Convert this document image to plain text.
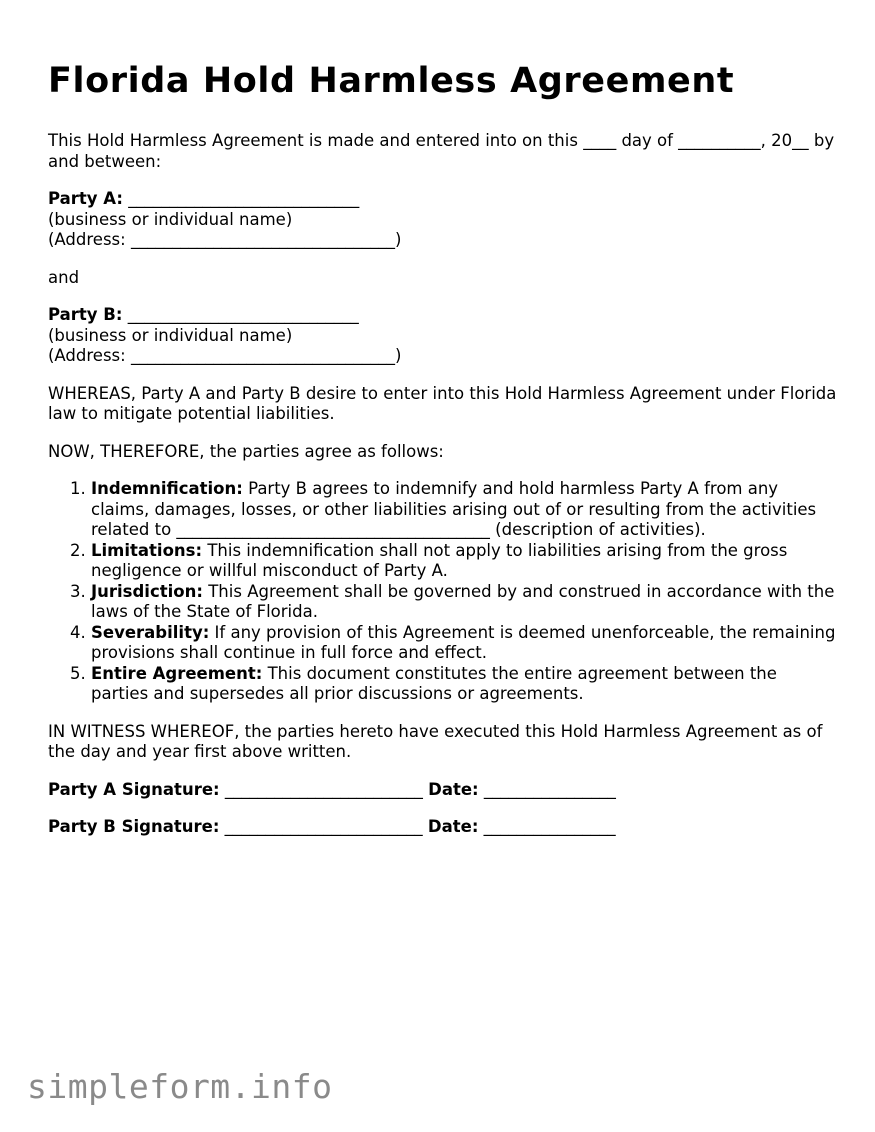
Florida Hold Harmless Agreement

This Hold Harmless Agreement is made and entered into on this ____ day of __________, 20__ by and between:

Party A: ____________________________

(business or individual name)

(Address: ________________________________)

and

Party B: ____________________________

(business or individual name)

(Address: ________________________________)

WHEREAS, Party A and Party B desire to enter into this Hold Harmless Agreement under Florida law to mitigate potential liabilities.

NOW, THEREFORE, the parties agree as follows:

1. Indemnification: Party B agrees to indemnify and hold harmless Party A from any claims, damages, losses, or other liabilities arising out of or resulting from the activities related to ______________________________________ (description of activities).
2. Limitations: This indemnification shall not apply to liabilities arising from the gross negligence or willful misconduct of Party A.
3. Jurisdiction: This Agreement shall be governed by and construed in accordance with the laws of the State of Florida.
4. Severability: If any provision of this Agreement is deemed unenforceable, the remaining provisions shall continue in full force and effect.
5. Entire Agreement: This document constitutes the entire agreement between the parties and supersedes all prior discussions or agreements.

IN WITNESS WHEREOF, the parties hereto have executed this Hold Harmless Agreement as of the day and year first above written.

Party A Signature: ________________________ Date: ________________

Party B Signature: ________________________ Date: ________________

simpleform.info
